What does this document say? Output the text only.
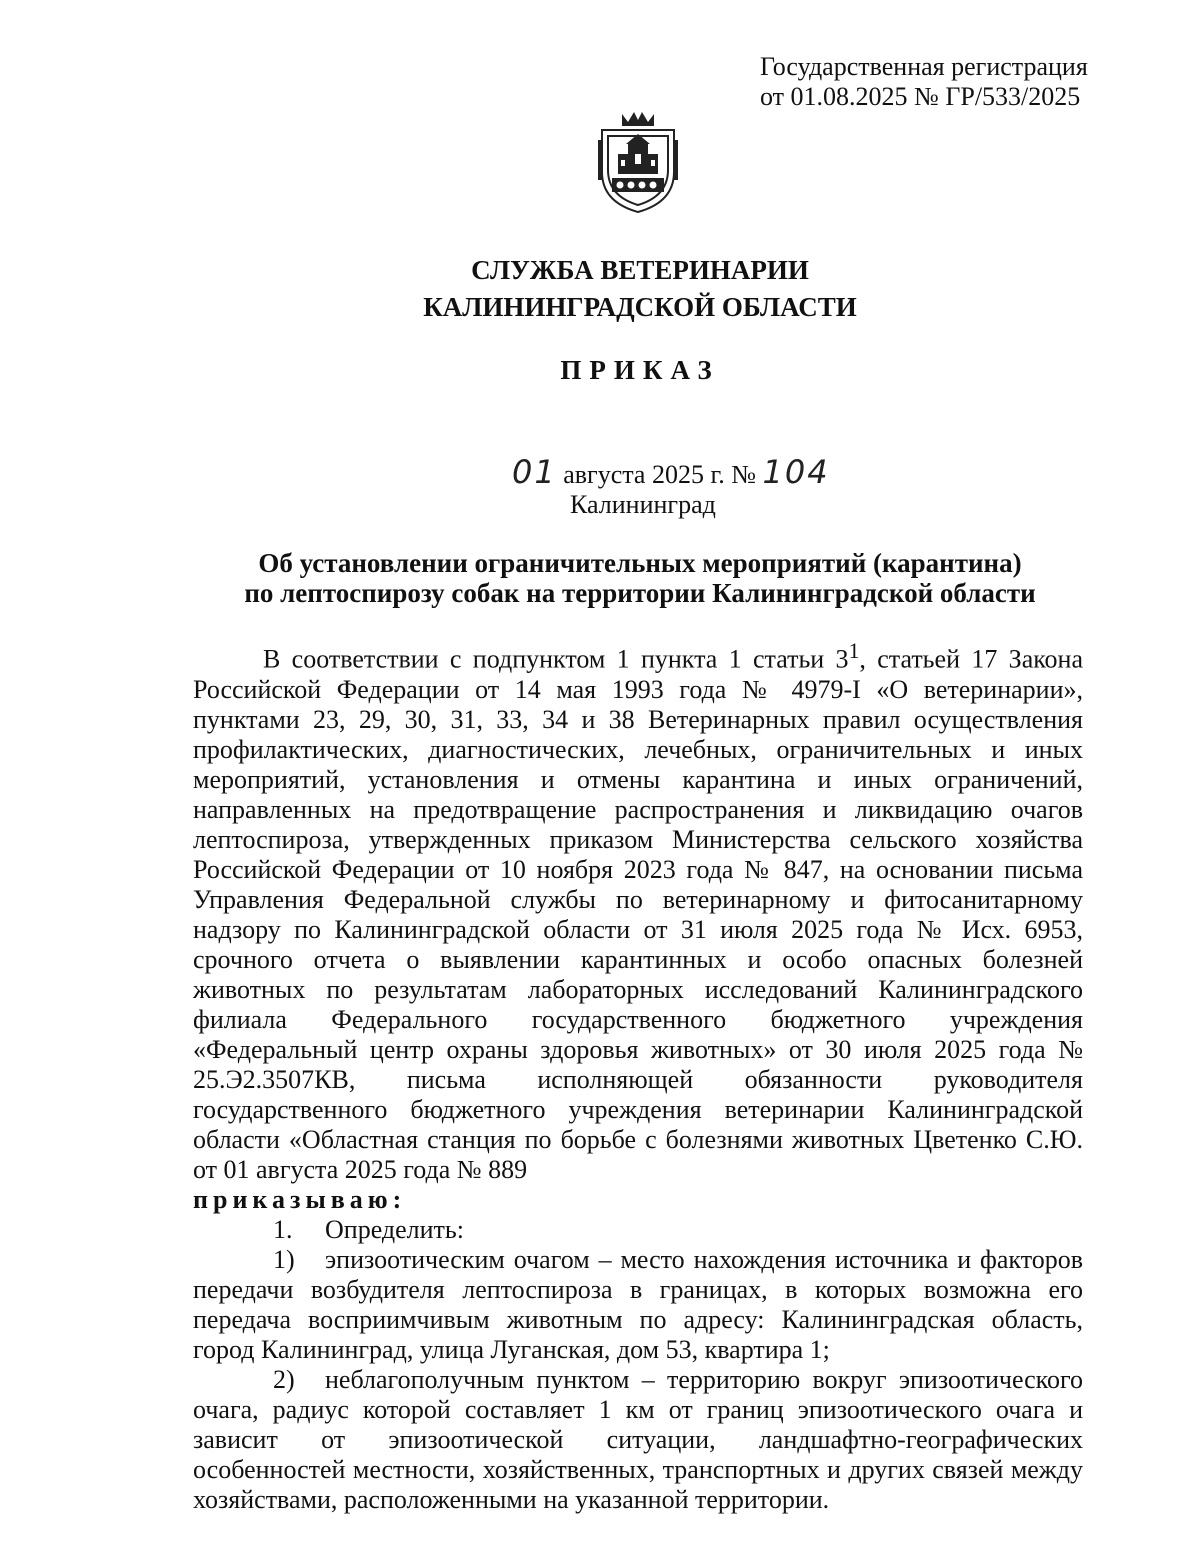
Государственная регистрация
от 01.08.2025 № ГР/533/2025
СЛУЖБА ВЕТЕРИНАРИИ
КАЛИНИНГРАДСКОЙ ОБЛАСТИ
ПРИКАЗ
01 августа 2025 г. № 104
Калининград
Об установлении ограничительных мероприятий (карантина)
по лептоспирозу собак на территории Калининградской области

В соответствии с подпунктом 1 пункта 1 статьи $3^1$, статьей 17 Закона Российской Федерации от 14 мая 1993 года № 4979-I «О ветеринарии», пунктами 23, 29, 30, 31, 33, 34 и 38 Ветеринарных правил осуществления профилактических, диагностических, лечебных, ограничительных и иных мероприятий, установления и отмены карантина и иных ограничений, направленных на предотвращение распространения и ликвидацию очагов лептоспироза, утвержденных приказом Министерства сельского хозяйства Российской Федерации от 10 ноября 2023 года № 847, на основании письма Управления Федеральной службы по ветеринарному и фитосанитарному надзору по Калининградской области от 31 июля 2025 года № Исх. 6953, срочного отчета о выявлении карантинных и особо опасных болезней животных по результатам лабораторных исследований Калининградского филиала Федерального государственного бюджетного учреждения «Федеральный центр охраны здоровья животных» от 30 июля 2025 года № 25.Э2.3507КВ, письма исполняющей обязанности руководителя государственного бюджетного учреждения ветеринарии Калининградской области «Областная станция по борьбе с болезнями животных Цветенко С.Ю. от 01 августа 2025 года № 889

приказываю:

1.	Определить:

1) эпизоотическим очагом – место нахождения источника и факторов передачи возбудителя лептоспироза в границах, в которых возможна его передача восприимчивым животным по адресу: Калининградская область, город Калининград, улица Луганская, дом 53, квартира 1;

2) неблагополучным пунктом – территорию вокруг эпизоотического очага, радиус которой составляет 1 км от границ эпизоотического очага и зависит от эпизоотической ситуации, ландшафтно-географических особенностей местности, хозяйственных, транспортных и других связей между хозяйствами, расположенными на указанной территории.
